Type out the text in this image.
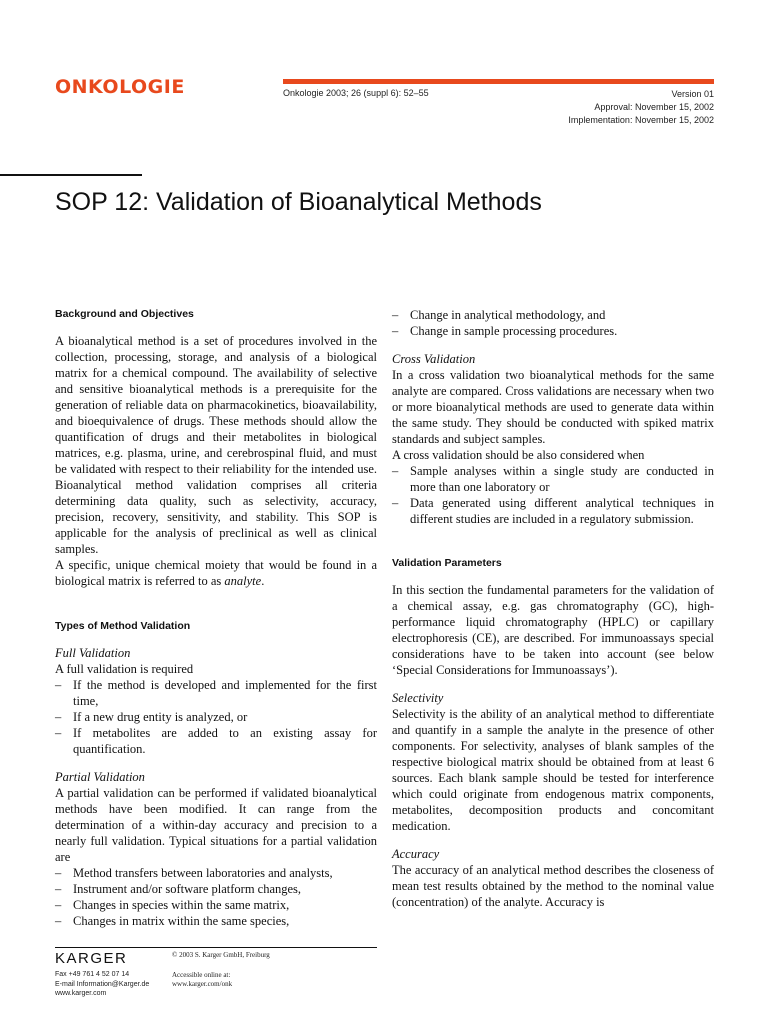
ONKOLOGIE	Onkologie 2003; 26 (suppl 6): 52–55	Version 01
Approval: November 15, 2002
Implementation: November 15, 2002
SOP 12: Validation of Bioanalytical Methods
Background and Objectives

A bioanalytical method is a set of procedures involved in the collection, processing, storage, and analysis of a biological matrix for a chemical compound. The availability of selective and sensitive bioanalytical methods is a prerequisite for the generation of reliable data on pharmacokinetics, bioavailability, and bioequivalence of drugs. These methods should allow the quantification of drugs and their metabolites in biological matrices, e.g. plasma, urine, and cerebrospinal fluid, and must be validated with respect to their reliability for the intended use. Bioanalytical method validation comprises all criteria determining data quality, such as selectivity, accuracy, precision, recovery, sensitivity, and stability. This SOP is applicable for the analysis of preclinical as well as clinical samples.

A specific, unique chemical moiety that would be found in a biological matrix is referred to as analyte.

Types of Method Validation

Full Validation

A full validation is required

– If the method is developed and implemented for the first time,
– If a new drug entity is analyzed, or
– If metabolites are added to an existing assay for quantification.

Partial Validation

A partial validation can be performed if validated bioanalytical methods have been modified. It can range from the determination of a within-day accuracy and precision to a nearly full validation. Typical situations for a partial validation are

– Method transfers between laboratories and analysts,
– Instrument and/or software platform changes,
– Changes in species within the same matrix,
– Changes in matrix within the same species,
– Change in analytical methodology, and
– Change in sample processing procedures.

Cross Validation

In a cross validation two bioanalytical methods for the same analyte are compared. Cross validations are necessary when two or more bioanalytical methods are used to generate data within the same study. They should be conducted with spiked matrix standards and subject samples.

A cross validation should be also considered when

– Sample analyses within a single study are conducted in more than one laboratory or
– Data generated using different analytical techniques in different studies are included in a regulatory submission.
Validation Parameters

In this section the fundamental parameters for the validation of a chemical assay, e.g. gas chromatography (GC), high-performance liquid chromatography (HPLC) or capillary electrophoresis (CE), are described. For immunoassays special considerations have to be taken into account (see below ‘Special Considerations for Immunoassays’).

Selectivity

Selectivity is the ability of an analytical method to differentiate and quantify in a sample the analyte in the presence of other components. For selectivity, analyses of blank samples of the respective biological matrix should be obtained from at least 6 sources. Each blank sample should be tested for interference which could originate from endogenous matrix components, metabolites, decomposition products and concomitant medication.

Accuracy

The accuracy of an analytical method describes the closeness of mean test results obtained by the method to the nominal value (concentration) of the analyte. Accuracy is

KARGER
Fax +49 761 4 52 07 14
E-mail Information@Karger.de
www.karger.com
© 2003 S. Karger GmbH, Freiburg
Accessible online at:
www.karger.com/onk
